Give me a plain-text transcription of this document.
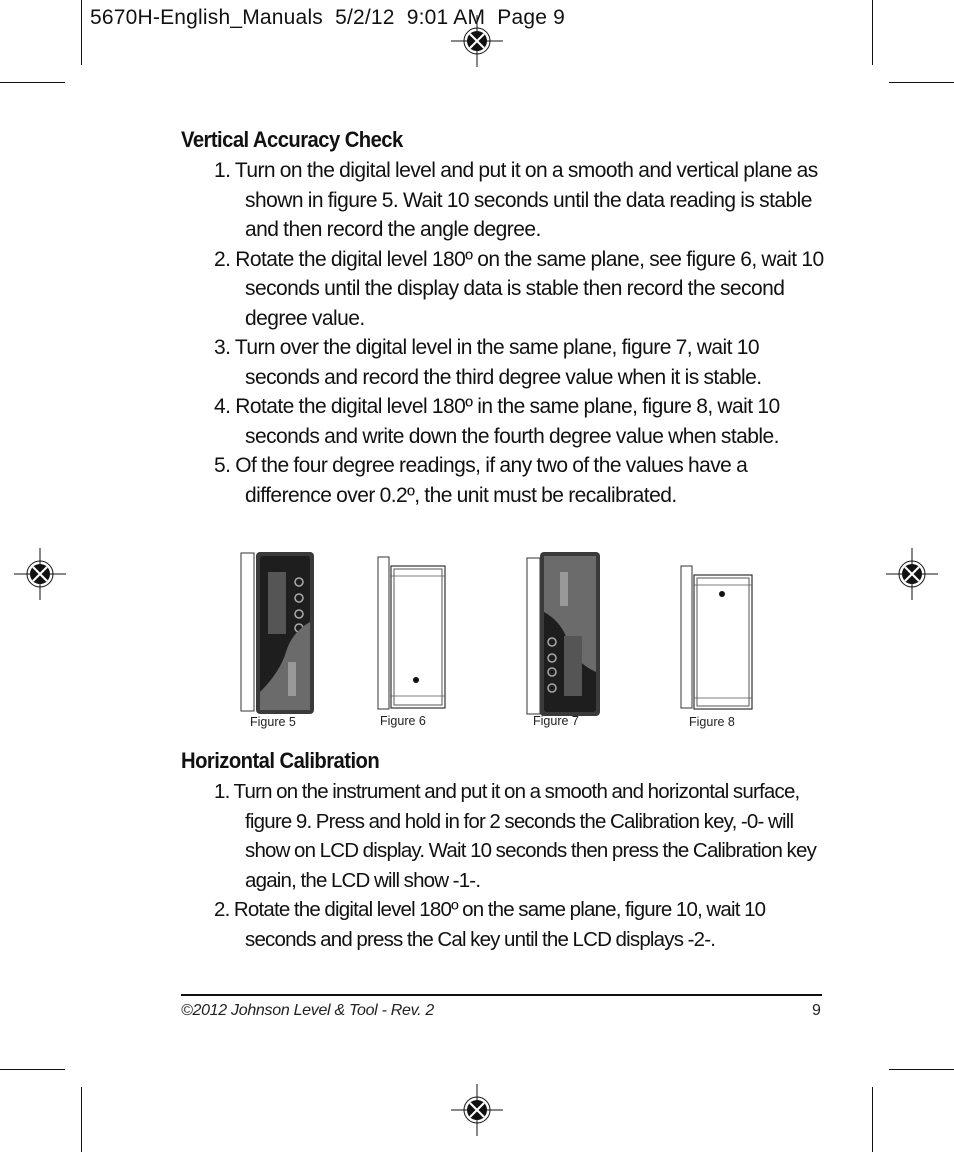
5670H-English_Manuals  5/2/12  9:01 AM  Page 9
Vertical Accuracy Check
1. Turn on the digital level and put it on a smooth and vertical plane as shown in figure 5. Wait 10 seconds until the data reading is stable and then record the angle degree.
2. Rotate the digital level 180º on the same plane, see figure 6, wait 10 seconds until the display data is stable then record the second degree value.
3. Turn over the digital level in the same plane, figure 7, wait 10 seconds and record the third degree value when it is stable.
4. Rotate the digital level 180º in the same plane, figure 8, wait 10 seconds and write down the fourth degree value when stable.
5. Of the four degree readings, if any two of the values have a difference over 0.2º, the unit must be recalibrated.
Figure 5	Figure 6	Figure 7	Figure 8
Horizontal Calibration
1. Turn on the instrument and put it on a smooth and horizontal surface, figure 9. Press and hold in for 2 seconds the Calibration key, -0- will show on LCD display. Wait 10 seconds then press the Calibration key again, the LCD will show -1-.
2. Rotate the digital level 180º on the same plane, figure 10, wait 10 seconds and press the Cal key until the LCD displays -2-.
©2012 Johnson Level & Tool - Rev. 2	9
